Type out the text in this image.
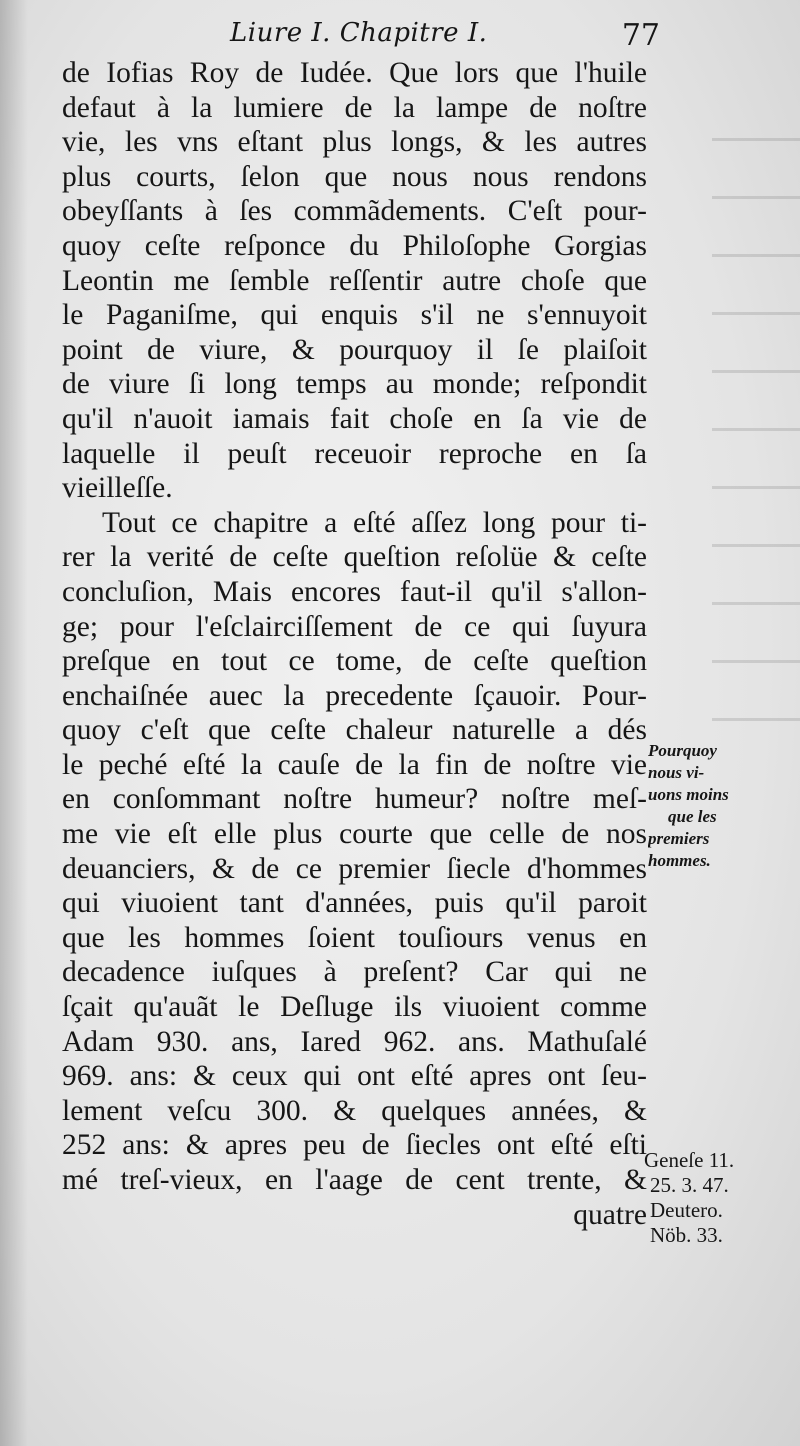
Liure I. Chapitre I.	77
de Iofias Roy de Iudée. Que lors que l'huile
defaut à la lumiere de la lampe de noſtre
vie, les vns eſtant plus longs, & les autres
plus courts, ſelon que nous nous rendons
obeyſſants à ſes commãdements. C'eſt pour-
quoy ceſte reſponce du Philoſophe Gorgias
Leontin me ſemble reſſentir autre choſe que
le Paganiſme, qui enquis s'il ne s'ennuyoit
point de viure, & pourquoy il ſe plaiſoit
de viure ſi long temps au monde; reſpondit
qu'il n'auoit iamais fait choſe en ſa vie de
laquelle il peuſt receuoir reproche en ſa
vieilleſſe.
Tout ce chapitre a eſté aſſez long pour ti-
rer la verité de ceſte queſtion reſolüe & ceſte
concluſion, Mais encores faut-il qu'il s'allon-
ge; pour l'eſclairciſſement de ce qui ſuyura
preſque en tout ce tome, de ceſte queſtion
enchaiſnée auec la precedente ſçauoir. Pour-
quoy c'eſt que ceſte chaleur naturelle a dés
le peché eſté la cauſe de la fin de noſtre vie
en conſommant noſtre humeur? noſtre meſ-
me vie eſt elle plus courte que celle de nos
deuanciers, & de ce premier ſiecle d'hommes
qui viuoient tant d'années, puis qu'il paroit
que les hommes ſoient touſiours venus en
decadence iuſques à preſent? Car qui ne
ſçait qu'auãt le Deſluge ils viuoient comme
Adam 930. ans, Iared 962. ans. Mathuſalé
969. ans: & ceux qui ont eſté apres ont ſeu-
lement veſcu 300. & quelques années, &
252 ans: & apres peu de ſiecles ont eſté eſti
mé treſ-vieux, en l'aage de cent trente, &
quatre
Pourquoy
nous vi-
uons moins
que les
premiers
hommes.
Geneſe 11.
25. 3. 47.
Deutero.
Nöb. 33.
